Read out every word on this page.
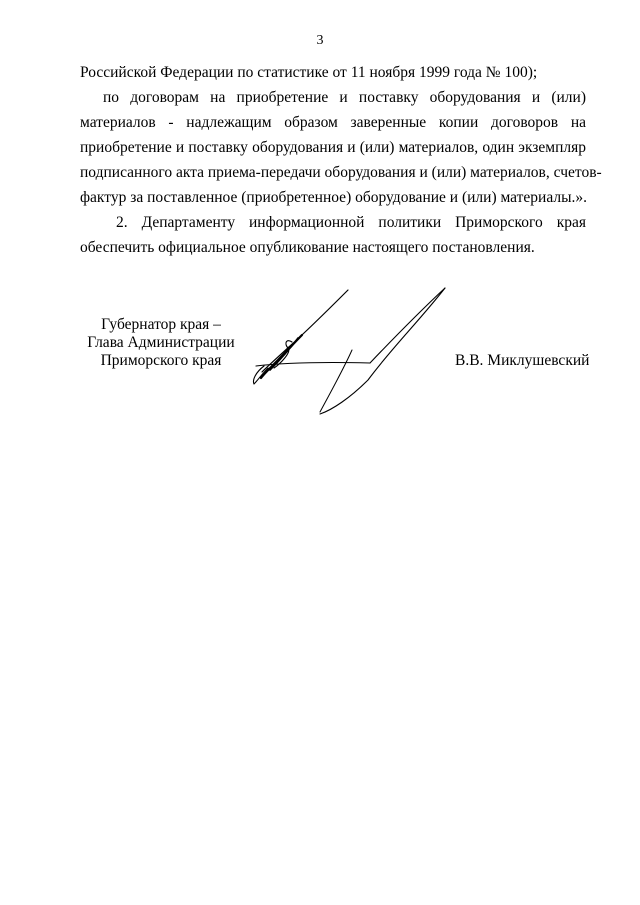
3

Российской Федерации по статистике от 11 ноября 1999 года № 100);

по договорам на приобретение и поставку оборудования и (или)

материалов - надлежащим образом заверенные копии договоров на

приобретение и поставку оборудования и (или) материалов, один экземпляр

подписанного акта приема-передачи оборудования и (или) материалов, счетов-

фактур за поставленное (приобретенное) оборудование и (или) материалы.».

2. Департаменту информационной политики Приморского края

обеспечить официальное опубликование настоящего постановления.

Губернатор края –

Глава Администрации

Приморского края	В.В. Миклушевский
